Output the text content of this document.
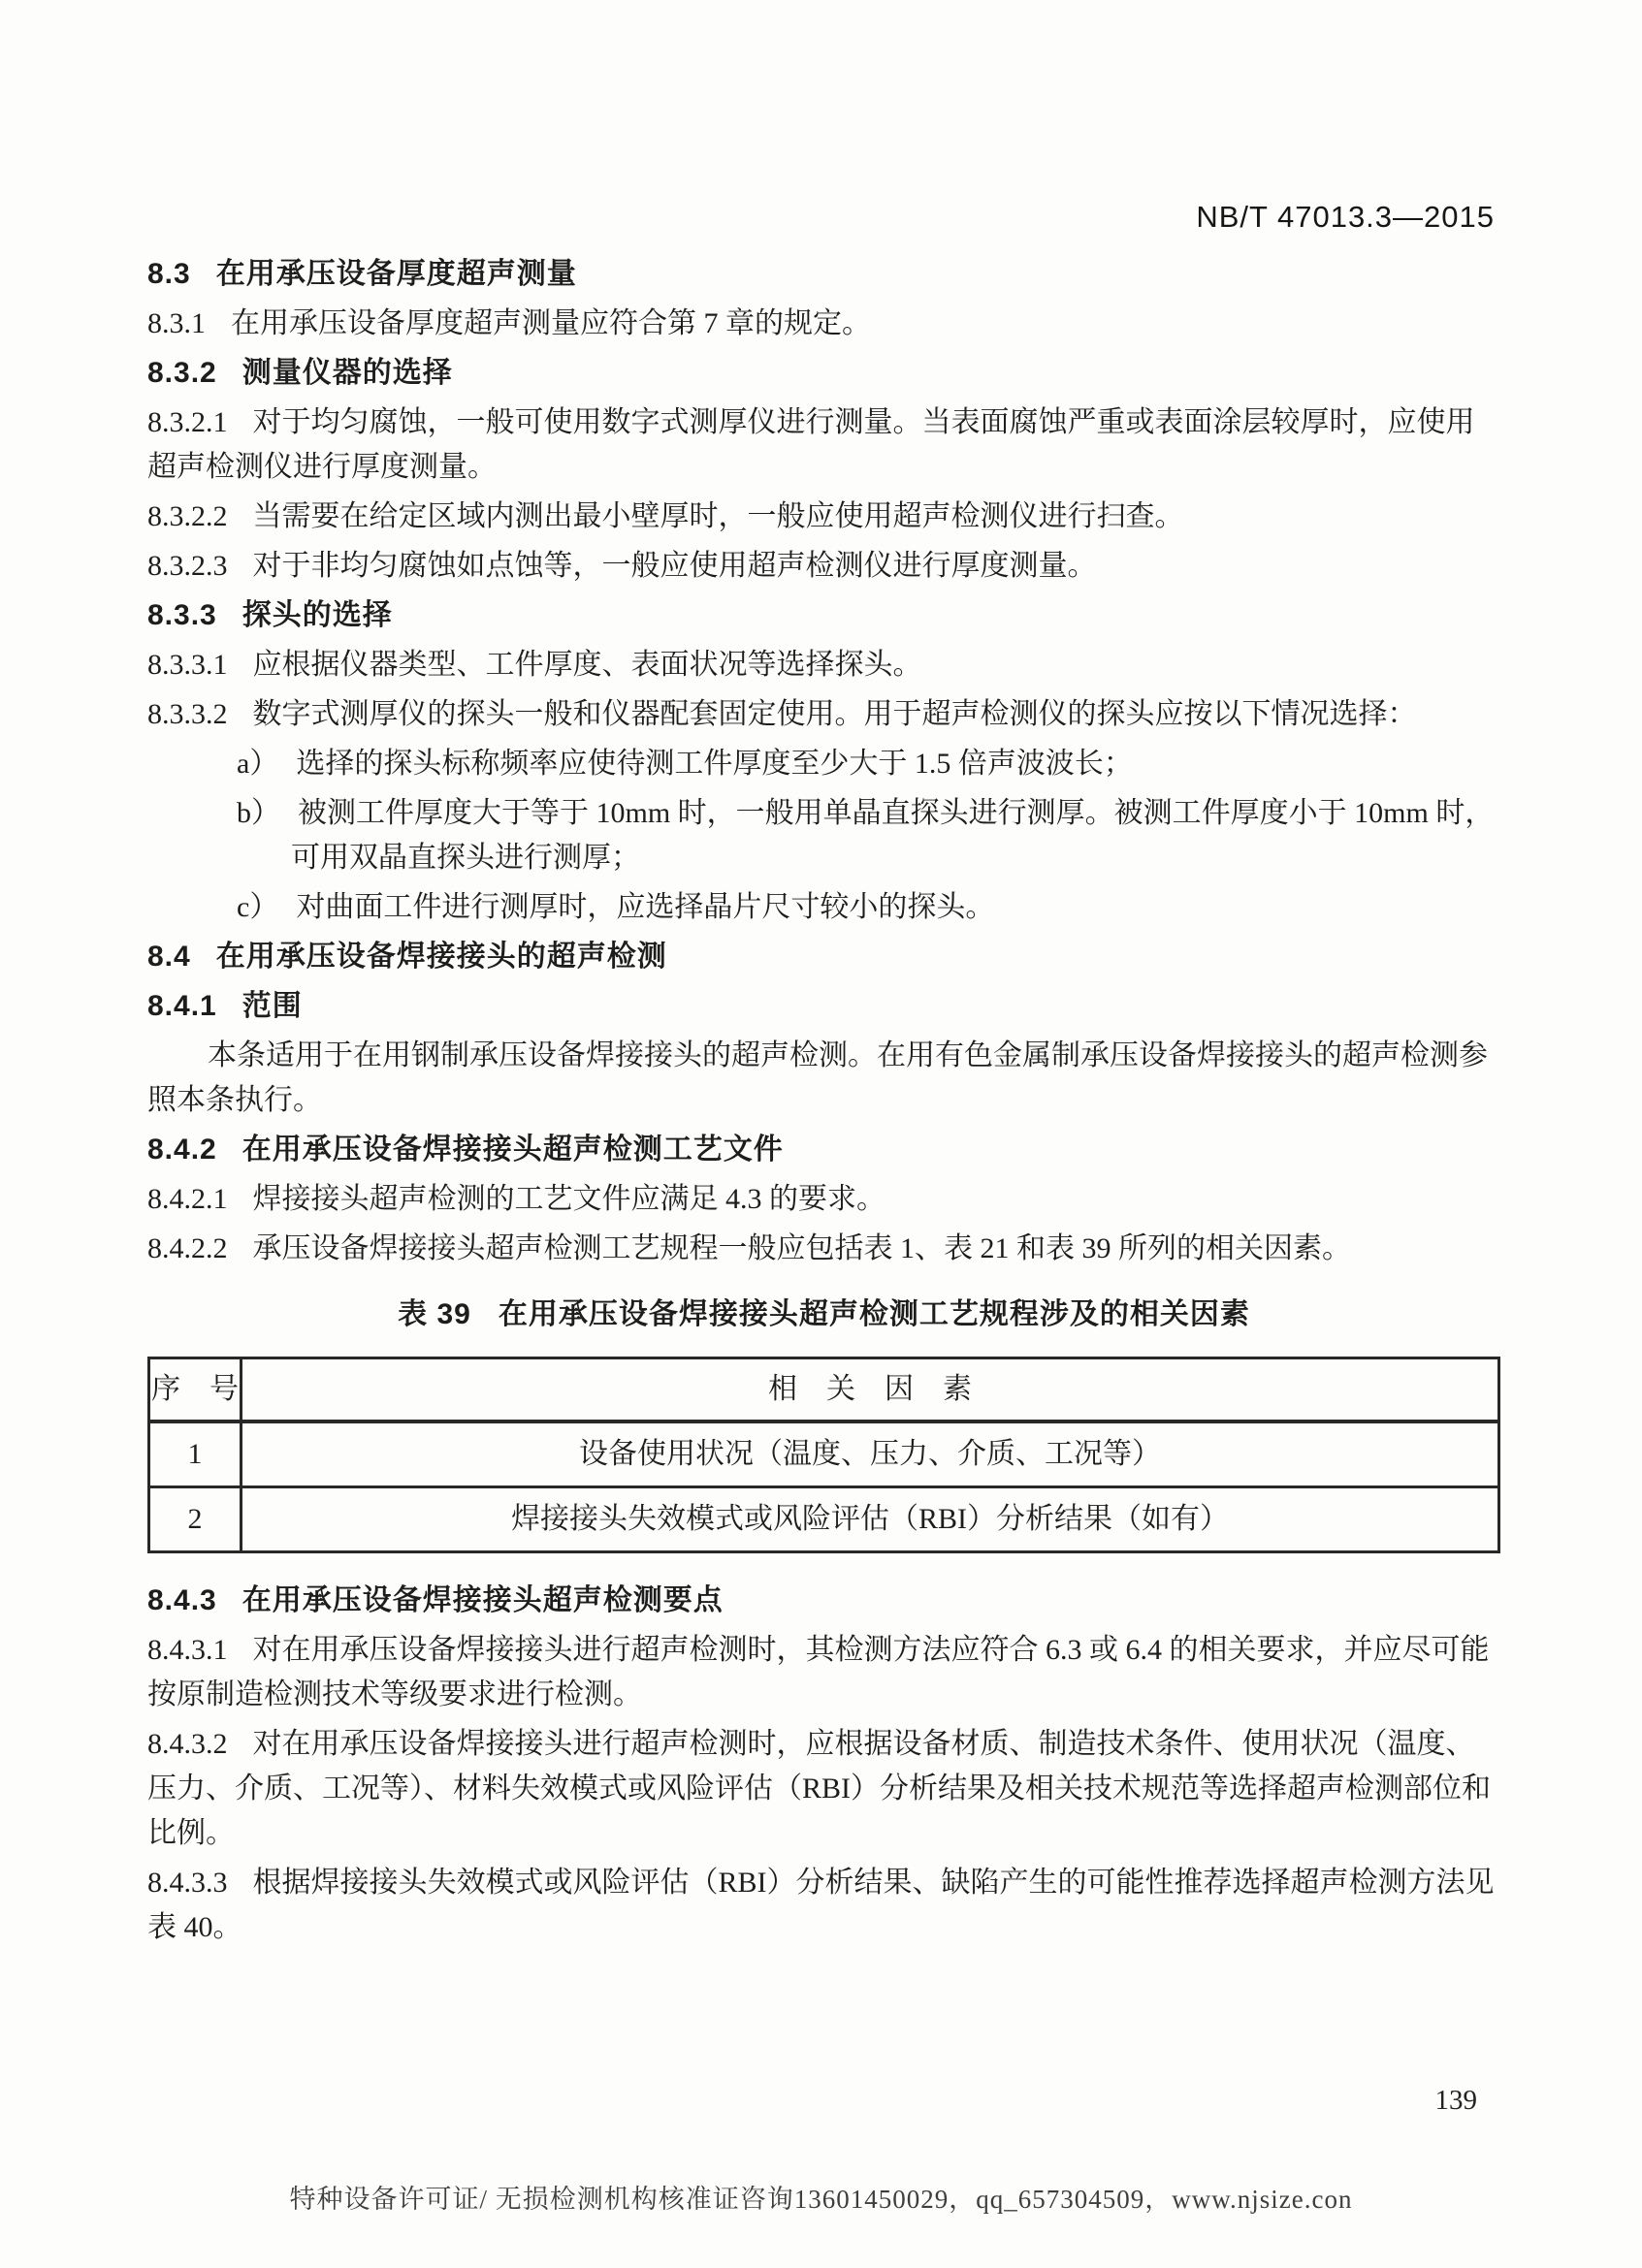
NB/T 47013.3—2015

8.3 在用承压设备厚度超声测量

8.3.1 在用承压设备厚度超声测量应符合第 7 章的规定。

8.3.2 测量仪器的选择

8.3.2.1 对于均匀腐蚀，一般可使用数字式测厚仪进行测量。当表面腐蚀严重或表面涂层较厚时，应使用超声检测仪进行厚度测量。

8.3.2.2 当需要在给定区域内测出最小壁厚时，一般应使用超声检测仪进行扫查。

8.3.2.3 对于非均匀腐蚀如点蚀等，一般应使用超声检测仪进行厚度测量。

8.3.3 探头的选择

8.3.3.1 应根据仪器类型、工件厚度、表面状况等选择探头。

8.3.3.2 数字式测厚仪的探头一般和仪器配套固定使用。用于超声检测仪的探头应按以下情况选择：

a） 选择的探头标称频率应使待测工件厚度至少大于 1.5 倍声波波长；

b） 被测工件厚度大于等于 10mm 时，一般用单晶直探头进行测厚。被测工件厚度小于 10mm 时，可用双晶直探头进行测厚；

c） 对曲面工件进行测厚时，应选择晶片尺寸较小的探头。

8.4 在用承压设备焊接接头的超声检测

8.4.1 范围

本条适用于在用钢制承压设备焊接接头的超声检测。在用有色金属制承压设备焊接接头的超声检测参照本条执行。

8.4.2 在用承压设备焊接接头超声检测工艺文件

8.4.2.1 焊接接头超声检测的工艺文件应满足 4.3 的要求。

8.4.2.2 承压设备焊接接头超声检测工艺规程一般应包括表 1、表 21 和表 39 所列的相关因素。

表 39 在用承压设备焊接接头超声检测工艺规程涉及的相关因素

序　号	相　关　因　素
1	设备使用状况（温度、压力、介质、工况等）
2	焊接接头失效模式或风险评估（RBI）分析结果（如有）

8.4.3 在用承压设备焊接接头超声检测要点

8.4.3.1 对在用承压设备焊接接头进行超声检测时，其检测方法应符合 6.3 或 6.4 的相关要求，并应尽可能按原制造检测技术等级要求进行检测。

8.4.3.2 对在用承压设备焊接接头进行超声检测时，应根据设备材质、制造技术条件、使用状况（温度、压力、介质、工况等）、材料失效模式或风险评估（RBI）分析结果及相关技术规范等选择超声检测部位和比例。

8.4.3.3 根据焊接接头失效模式或风险评估（RBI）分析结果、缺陷产生的可能性推荐选择超声检测方法见表 40。

139
特种设备许可证/ 无损检测机构核准证咨询13601450029，qq_657304509，www.njsize.con
